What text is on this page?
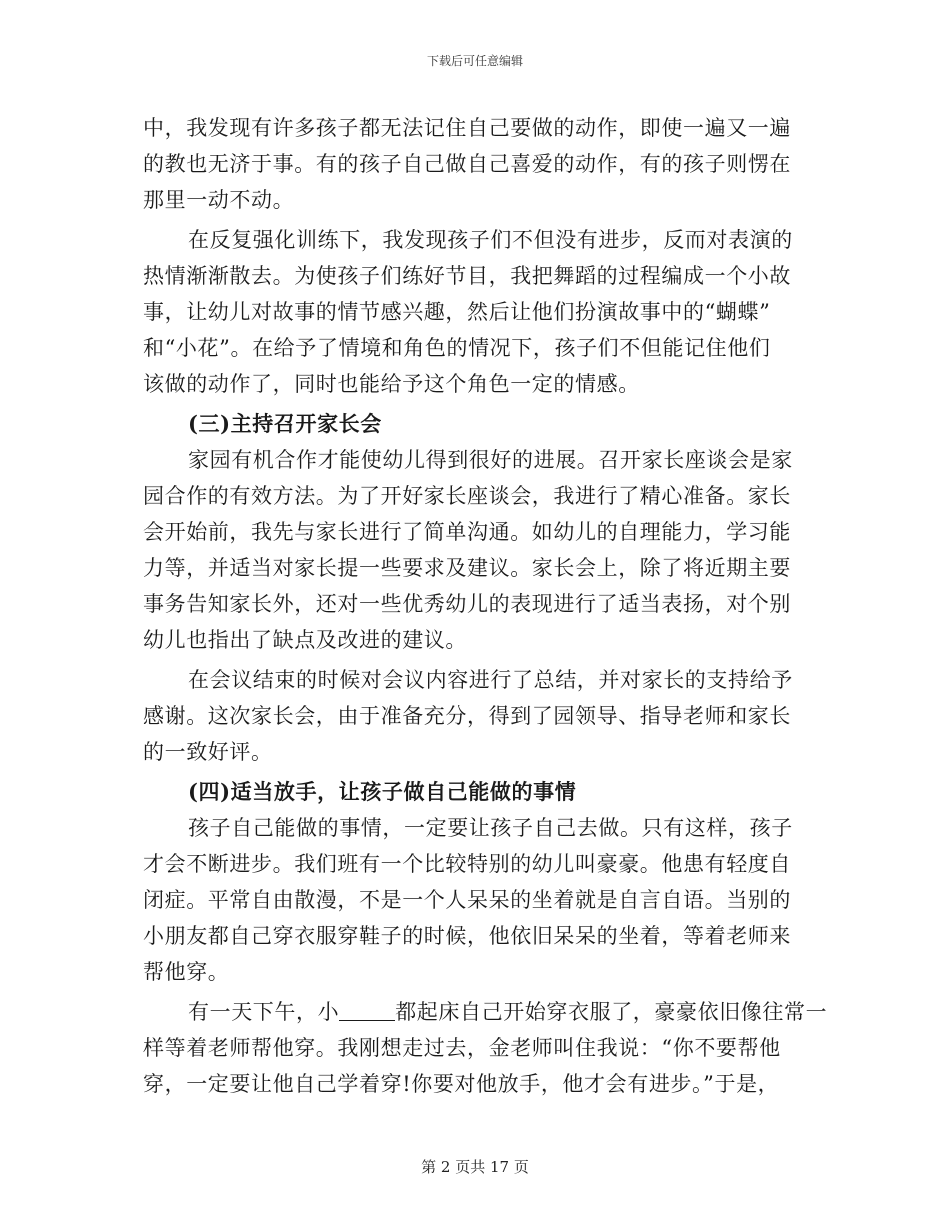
下载后可任意编辑
中，我发现有许多孩子都无法记住自己要做的动作，即使一遍又一遍
的教也无济于事。有的孩子自己做自己喜爱的动作，有的孩子则愣在
那里一动不动。
在反复强化训练下，我发现孩子们不但没有进步，反而对表演的
热情渐渐散去。为使孩子们练好节目，我把舞蹈的过程编成一个小故
事，让幼儿对故事的情节感兴趣，然后让他们扮演故事中的“蝴蝶”
和“小花”。在给予了情境和角色的情况下，孩子们不但能记住他们
该做的动作了，同时也能给予这个角色一定的情感。
(三)主持召开家长会
家园有机合作才能使幼儿得到很好的进展。召开家长座谈会是家
园合作的有效方法。为了开好家长座谈会，我进行了精心准备。家长
会开始前，我先与家长进行了简单沟通。如幼儿的自理能力，学习能
力等，并适当对家长提一些要求及建议。家长会上，除了将近期主要
事务告知家长外，还对一些优秀幼儿的表现进行了适当表扬，对个别
幼儿也指出了缺点及改进的建议。
在会议结束的时候对会议内容进行了总结，并对家长的支持给予
感谢。这次家长会，由于准备充分，得到了园领导、指导老师和家长
的一致好评。
(四)适当放手，让孩子做自己能做的事情
孩子自己能做的事情，一定要让孩子自己去做。只有这样，孩子
才会不断进步。我们班有一个比较特别的幼儿叫豪豪。他患有轻度自
闭症。平常自由散漫，不是一个人呆呆的坐着就是自言自语。当别的
小朋友都自己穿衣服穿鞋子的时候，他依旧呆呆的坐着，等着老师来
帮他穿。
有一天下午，小	都起床自己开始穿衣服了，豪豪依旧像往常一
样等着老师帮他穿。我刚想走过去，金老师叫住我说：“你不要帮他
穿，一定要让他自己学着穿!你要对他放手，他才会有进步。”于是，
第 2 页共 17 页
